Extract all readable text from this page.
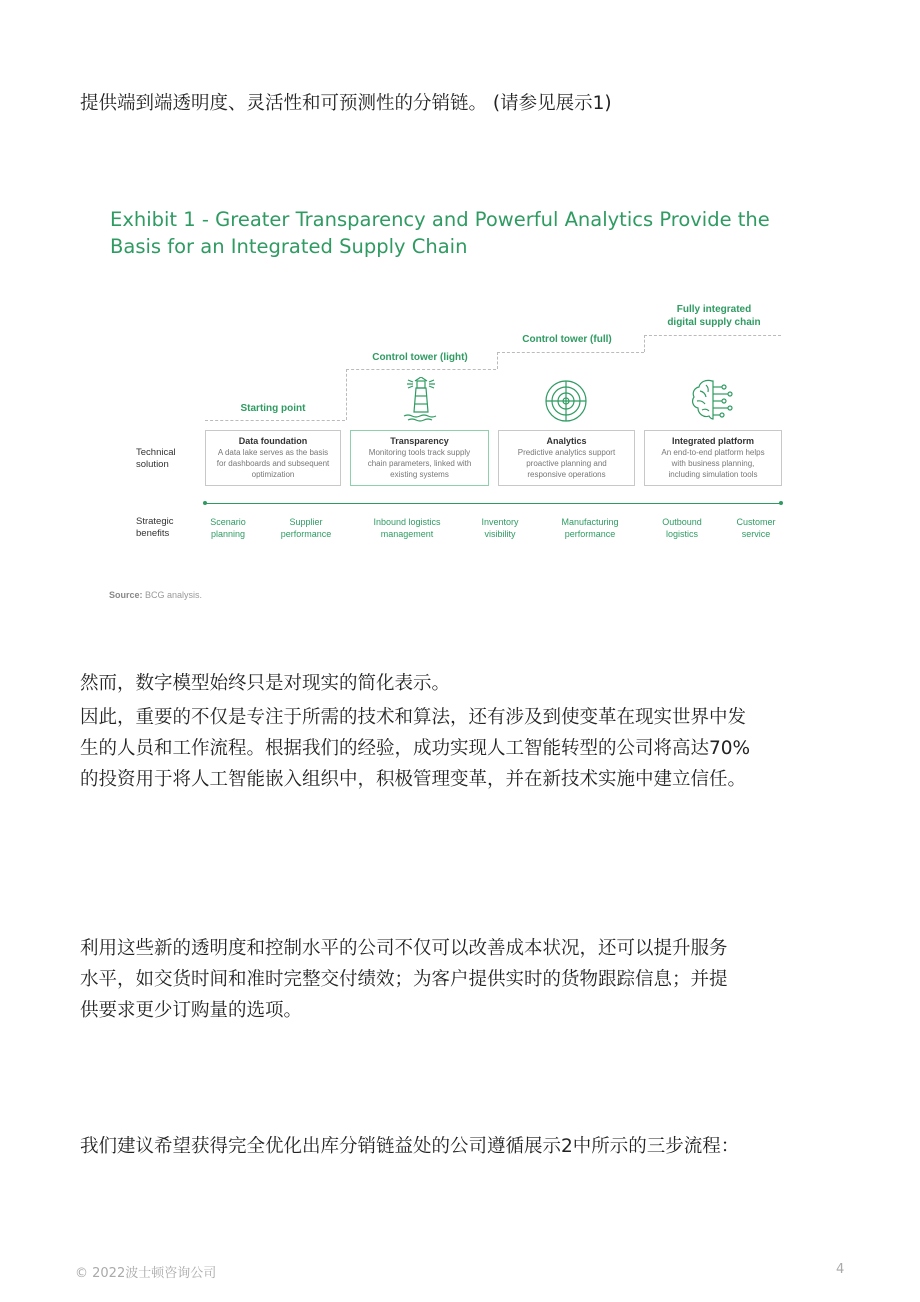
提供端到端透明度、灵活性和可预测性的分销链。 (请参见展示1)

Exhibit 1 - Greater Transparency and Powerful Analytics Provide the
Basis for an Integrated Supply Chain
Starting point
Control tower (light)
Control tower (full)
Fully integrated
digital supply chain
Technical
solution
Strategic
benefits
Data foundation
A data lake serves as the basis
for dashboards and subsequent
optimization
Transparency
Monitoring tools track supply
chain parameters, linked with
existing systems
Analytics
Predictive analytics support
proactive planning and
responsive operations
Integrated platform
An end-to-end platform helps
with business planning,
including simulation tools
Scenario
planning
Supplier
performance
Inbound logistics
management
Inventory
visibility
Manufacturing
performance
Outbound
logistics
Customer
service
Source: BCG analysis.

然而，数字模型始终只是对现实的简化表示。

因此，重要的不仅是专注于所需的技术和算法，还有涉及到使变革在现实世界中发
生的人员和工作流程。根据我们的经验，成功实现人工智能转型的公司将高达70%
的投资用于将人工智能嵌入组织中，积极管理变革，并在新技术实施中建立信任。

利用这些新的透明度和控制水平的公司不仅可以改善成本状况，还可以提升服务
水平，如交货时间和准时完整交付绩效；为客户提供实时的货物跟踪信息；并提
供要求更少订购量的选项。

我们建议希望获得完全优化出库分销链益处的公司遵循展示2中所示的三步流程：

© 2022波士顿咨询公司	4
